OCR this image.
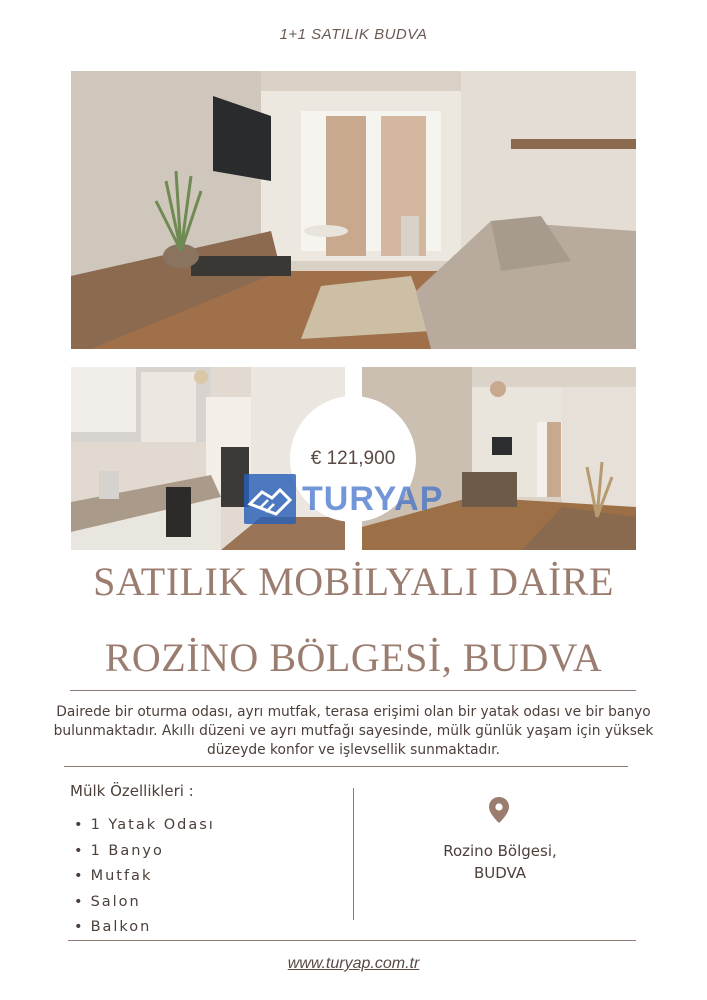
1+1 SATILIK BUDVA
€ 121,900
TURYAP
SATILIK MOBİLYALI DAİRE
ROZİNO BÖLGESİ, BUDVA
Dairede bir oturma odası, ayrı mutfak, terasa erişimi olan bir yatak odası ve bir banyo
bulunmaktadır. Akıllı düzeni ve ayrı mutfağı sayesinde, mülk günlük yaşam için yüksek
düzeyde konfor ve işlevsellik sunmaktadır.
Mülk Özellikleri :
• 1 Yatak Odası
• 1 Banyo
• Mutfak
• Salon
• Balkon
Rozino Bölgesi,
BUDVA
www.turyap.com.tr
